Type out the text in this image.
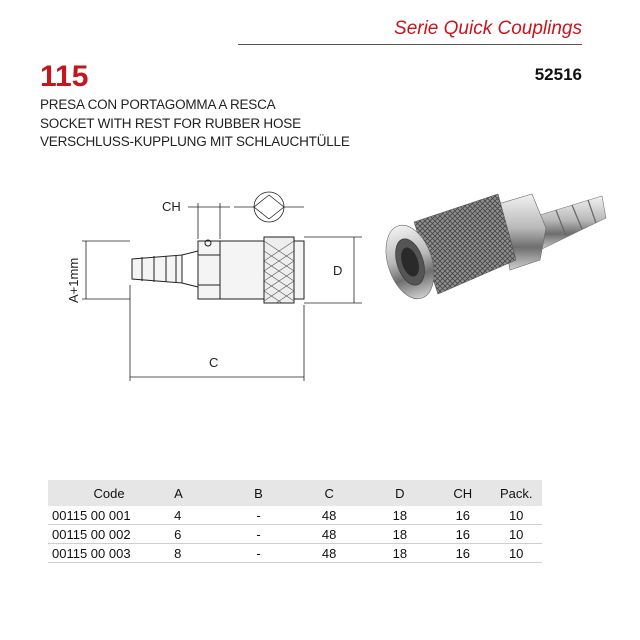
Serie Quick Couplings
115	52516
PRESA CON PORTAGOMMA A RESCA
SOCKET WITH REST FOR RUBBER HOSE
VERSCHLUSS-KUPPLUNG MIT SCHLAUCHTÜLLE
CH
A+1mm	D
C
Code	A	B	C	D	CH	Pack.
00115 00 001	4	-	48	18	16	10
00115 00 002	6	-	48	18	16	10
00115 00 003	8	-	48	18	16	10
